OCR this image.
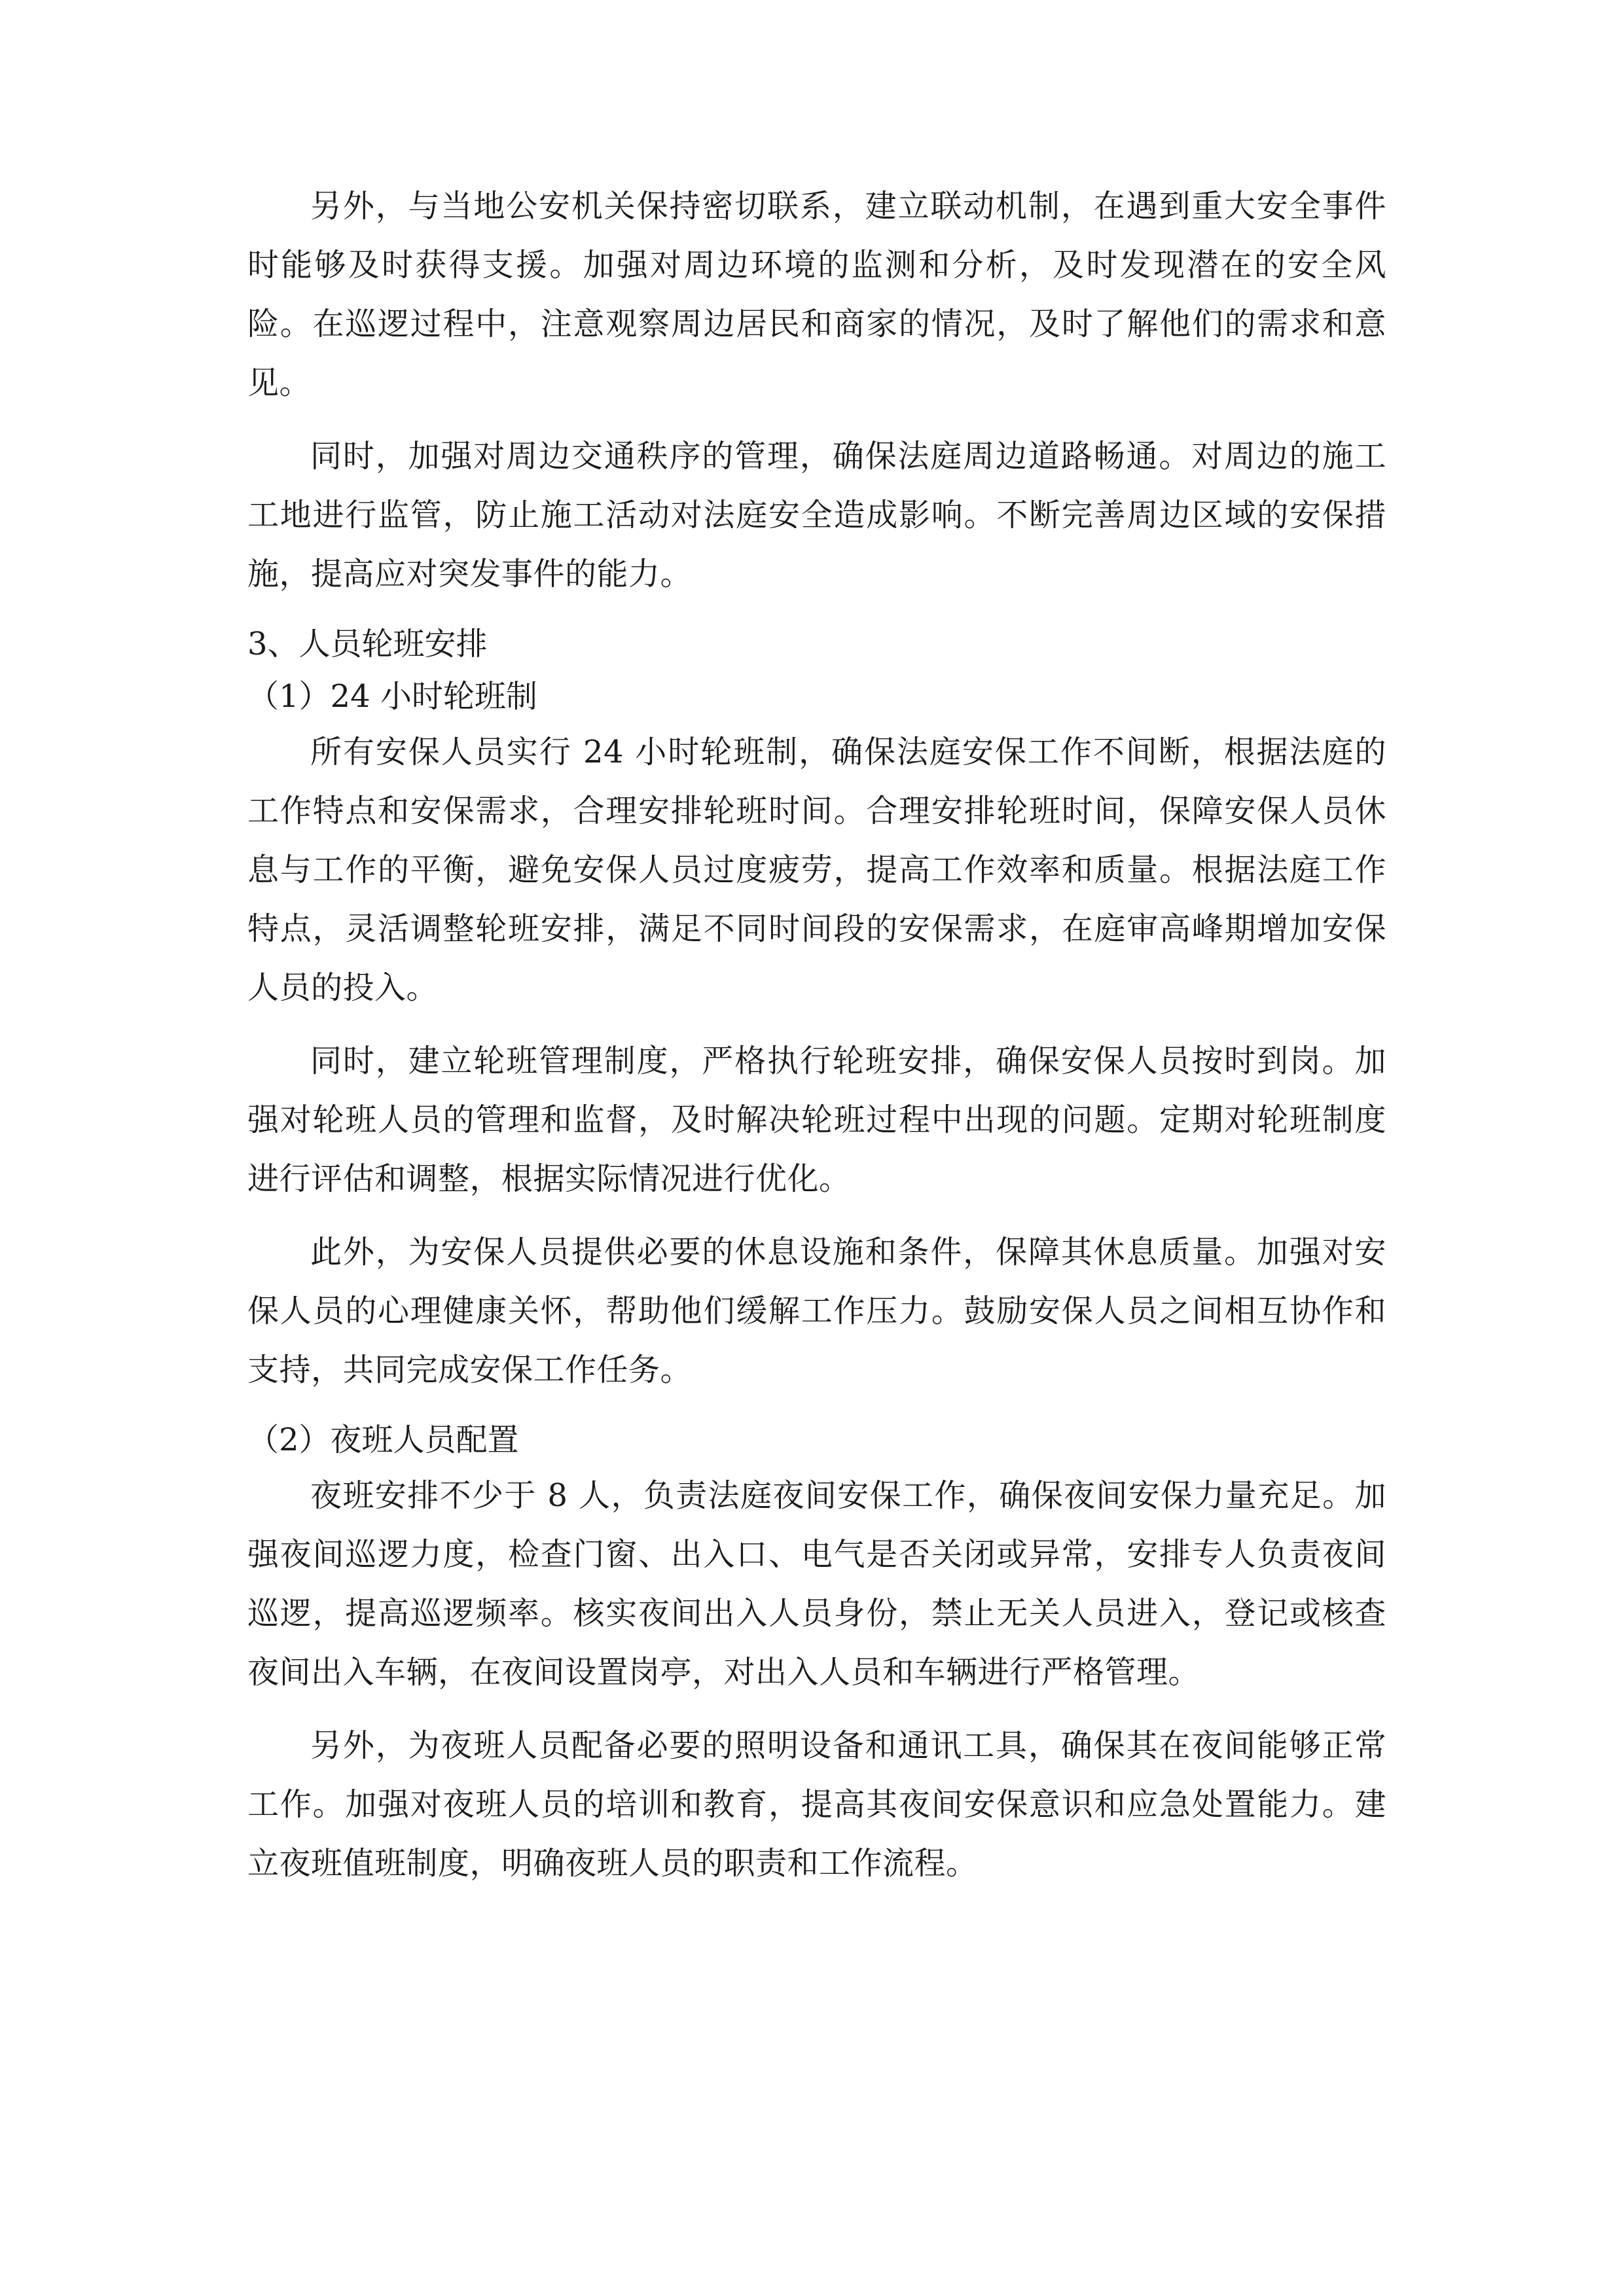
另外，与当地公安机关保持密切联系，建立联动机制，在遇到重大安全事件时能够及时获得支援。加强对周边环境的监测和分析，及时发现潜在的安全风险。在巡逻过程中，注意观察周边居民和商家的情况，及时了解他们的需求和意见。

同时，加强对周边交通秩序的管理，确保法庭周边道路畅通。对周边的施工工地进行监管，防止施工活动对法庭安全造成影响。不断完善周边区域的安保措施，提高应对突发事件的能力。

3、人员轮班安排

（1）24 小时轮班制

所有安保人员实行 24 小时轮班制，确保法庭安保工作不间断，根据法庭的工作特点和安保需求，合理安排轮班时间。合理安排轮班时间，保障安保人员休息与工作的平衡，避免安保人员过度疲劳，提高工作效率和质量。根据法庭工作特点，灵活调整轮班安排，满足不同时间段的安保需求，在庭审高峰期增加安保人员的投入。

同时，建立轮班管理制度，严格执行轮班安排，确保安保人员按时到岗。加强对轮班人员的管理和监督，及时解决轮班过程中出现的问题。定期对轮班制度进行评估和调整，根据实际情况进行优化。

此外，为安保人员提供必要的休息设施和条件，保障其休息质量。加强对安保人员的心理健康关怀，帮助他们缓解工作压力。鼓励安保人员之间相互协作和支持，共同完成安保工作任务。

（2）夜班人员配置

夜班安排不少于 8 人，负责法庭夜间安保工作，确保夜间安保力量充足。加强夜间巡逻力度，检查门窗、出入口、电气是否关闭或异常，安排专人负责夜间巡逻，提高巡逻频率。核实夜间出入人员身份，禁止无关人员进入，登记或核查夜间出入车辆，在夜间设置岗亭，对出入人员和车辆进行严格管理。

另外，为夜班人员配备必要的照明设备和通讯工具，确保其在夜间能够正常工作。加强对夜班人员的培训和教育，提高其夜间安保意识和应急处置能力。建立夜班值班制度，明确夜班人员的职责和工作流程。
